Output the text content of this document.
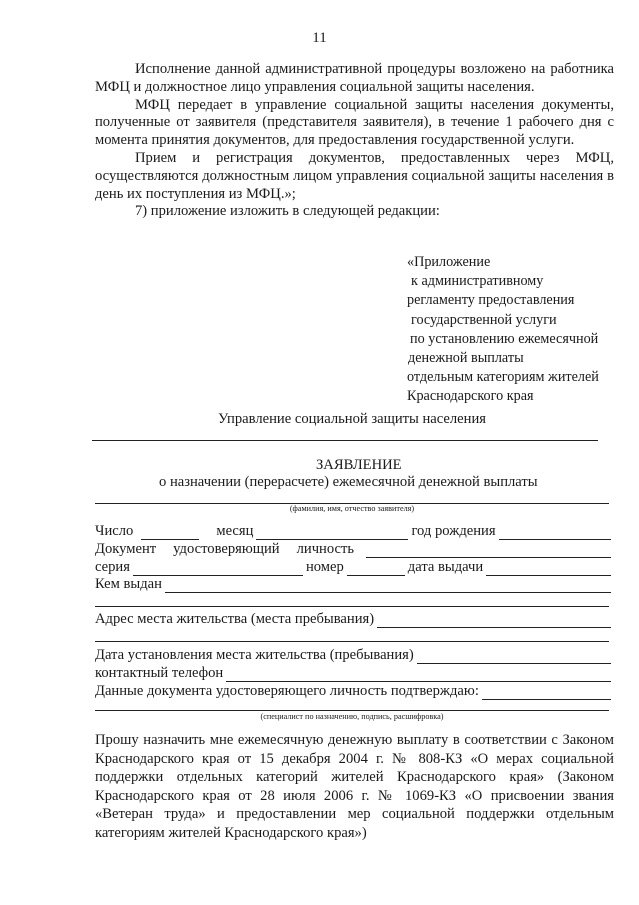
11
Исполнение данной административной процедуры возложено на работника МФЦ и должностное лицо управления социальной защиты населения.
МФЦ передает в управление социальной защиты населения документы, полученные от заявителя (представителя заявителя), в течение 1 рабочего дня с момента принятия документов, для предоставления государственной услуги.
Прием и регистрация документов, предоставленных через МФЦ, осуществляются должностным лицом управления социальной защиты населения в день их поступления из МФЦ.»;
7) приложение изложить в следующей редакции:
«Приложение
к административному
регламенту предоставления
государственной услуги
по установлению ежемесячной
денежной выплаты
отдельным категориям жителей
Краснодарского края
Управление социальной защиты населения
ЗАЯВЛЕНИЕ
о назначении (перерасчете) ежемесячной денежной выплаты
(фамилия, имя, отчество заявителя)
Число	месяц	год рождения
Документ удостоверяющий личность
серия	номер	дата выдачи
Кем выдан
Адрес места жительства (места пребывания)
Дата установления места жительства (пребывания)
контактный телефон
Данные документа удостоверяющего личность подтверждаю:
(специалист по назначению, подпись, расшифровка)
Прошу назначить мне ежемесячную денежную выплату в соответствии с Законом Краснодарского края от 15 декабря 2004 г. № 808-КЗ «О мерах социальной поддержки отдельных категорий жителей Краснодарского края» (Законом Краснодарского края от 28 июля 2006 г. № 1069-КЗ «О присвоении звания «Ветеран труда» и предоставлении мер социальной поддержки отдельным категориям жителей Краснодарского края»)
